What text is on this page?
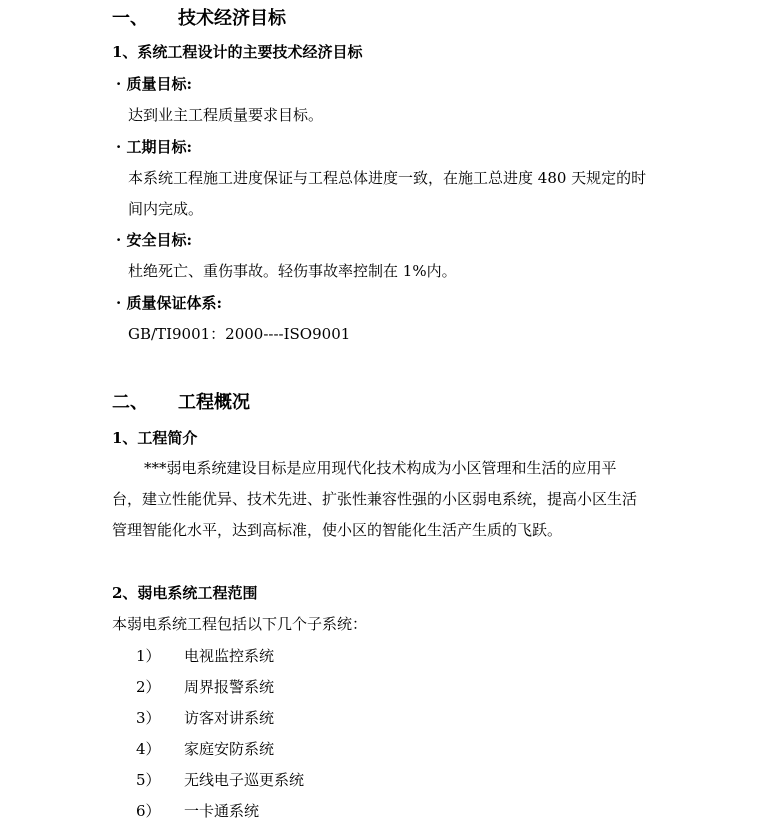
一、 技术经济目标
1、系统工程设计的主要技术经济目标
· 质量目标:
达到业主工程质量要求目标。
· 工期目标:
本系统工程施工进度保证与工程总体进度一致，在施工总进度 480 天规定的时
间内完成。
· 安全目标:
杜绝死亡、重伤事故。轻伤事故率控制在 1%内。
· 质量保证体系:
GB/TI9001：2000----ISO9001
二、 工程概况
1、工程简介
***弱电系统建设目标是应用现代化技术构成为小区管理和生活的应用平
台，建立性能优异、技术先进、扩张性兼容性强的小区弱电系统，提高小区生活
管理智能化水平，达到高标准，使小区的智能化生活产生质的飞跃。
2、弱电系统工程范围
本弱电系统工程包括以下几个子系统：
1） 电视监控系统
2） 周界报警系统
3） 访客对讲系统
4） 家庭安防系统
5） 无线电子巡更系统
6） 一卡通系统
